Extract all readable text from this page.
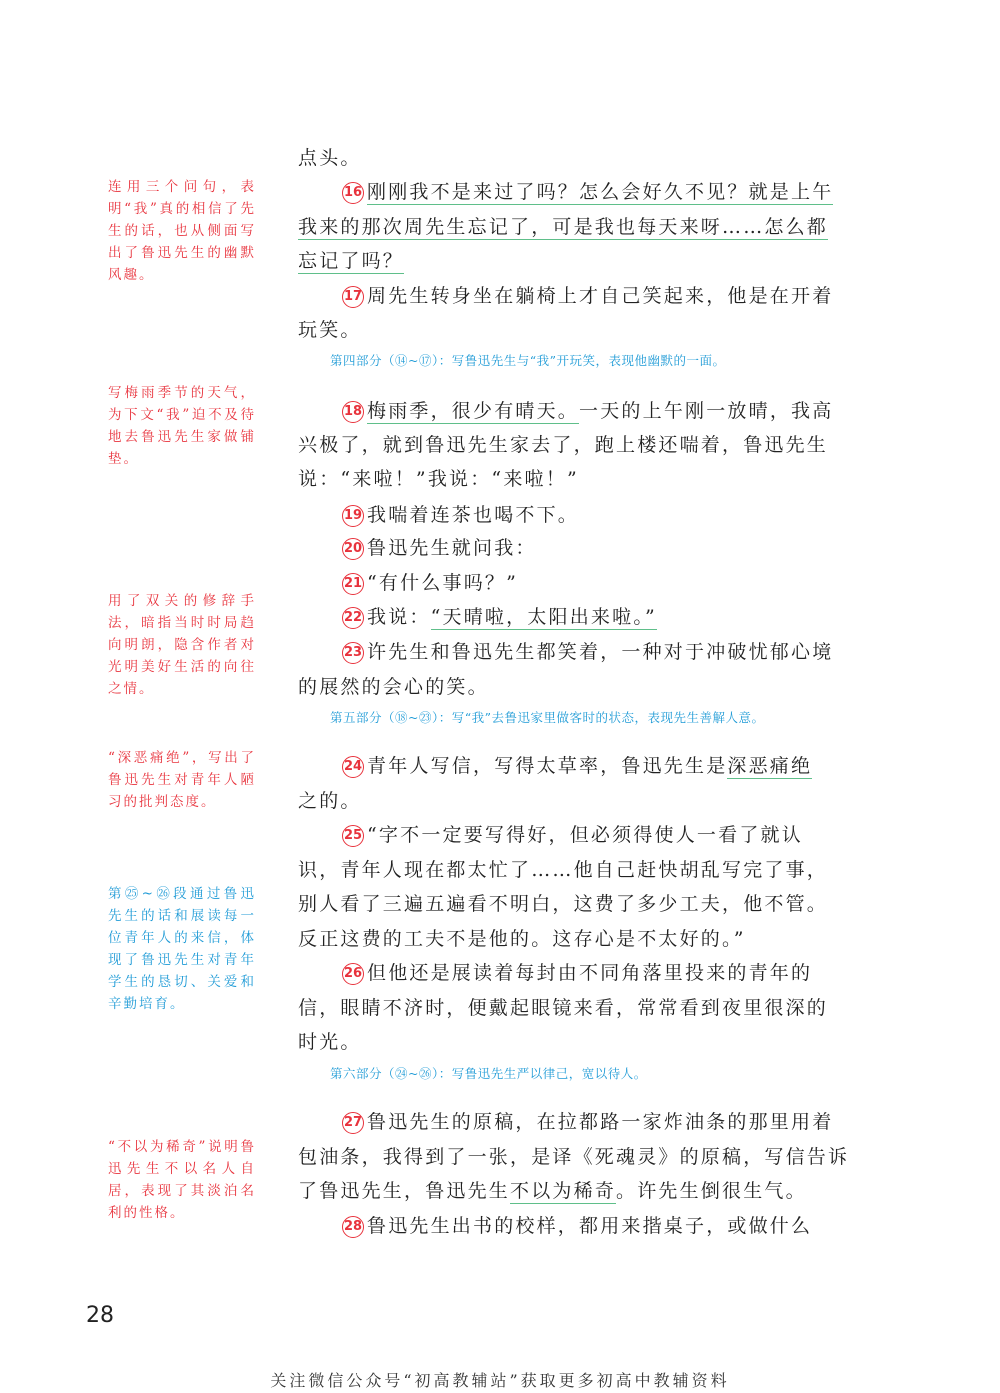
连用三个问句，表明“我”真的相信了先生的话，也从侧面写出了鲁迅先生的幽默风趣。
写梅雨季节的天气，为下文“我”迫不及待地去鲁迅先生家做铺垫。
用了双关的修辞手法，暗指当时时局趋向明朗，隐含作者对光明美好生活的向往之情。
“深恶痛绝”，写出了鲁迅先生对青年人陋习的批判态度。
第㉕~㉖段通过鲁迅先生的话和展读每一位青年人的来信，体现了鲁迅先生对青年学生的恳切、关爱和辛勤培育。
“不以为稀奇”说明鲁迅先生不以名人自居，表现了其淡泊名利的性格。
点头。
16 刚刚我不是来过了吗？怎么会好久不见？就是上午
我来的那次周先生忘记了，可是我也每天来呀……怎么都
忘记了吗？
17 周先生转身坐在躺椅上才自己笑起来，他是在开着
玩笑。
第四部分（⑭~⑰）：写鲁迅先生与“我”开玩笑，表现他幽默的一面。
18 梅雨季，很少有晴天。一天的上午刚一放晴，我高
兴极了，就到鲁迅先生家去了，跑上楼还喘着，鲁迅先生
说：“来啦！”我说：“来啦！”
19 我喘着连茶也喝不下。
20 鲁迅先生就问我：
21 “有什么事吗？”
22 我说：“天晴啦，太阳出来啦。”
23 许先生和鲁迅先生都笑着，一种对于冲破忧郁心境
的展然的会心的笑。
第五部分（⑱~㉓）：写“我”去鲁迅家里做客时的状态，表现先生善解人意。
24 青年人写信，写得太草率，鲁迅先生是深恶痛绝
之的。
25 “字不一定要写得好，但必须得使人一看了就认
识，青年人现在都太忙了……他自己赶快胡乱写完了事，
别人看了三遍五遍看不明白，这费了多少工夫，他不管。
反正这费的工夫不是他的。这存心是不太好的。”
26 但他还是展读着每封由不同角落里投来的青年的
信，眼睛不济时，便戴起眼镜来看，常常看到夜里很深的
时光。
第六部分（㉔~㉖）：写鲁迅先生严以律己，宽以待人。
27 鲁迅先生的原稿，在拉都路一家炸油条的那里用着
包油条，我得到了一张，是译《死魂灵》的原稿，写信告诉
了鲁迅先生，鲁迅先生不以为稀奇。许先生倒很生气。
28 鲁迅先生出书的校样，都用来揩桌子，或做什么
28
关注微信公众号“初高教辅站”获取更多初高中教辅资料
